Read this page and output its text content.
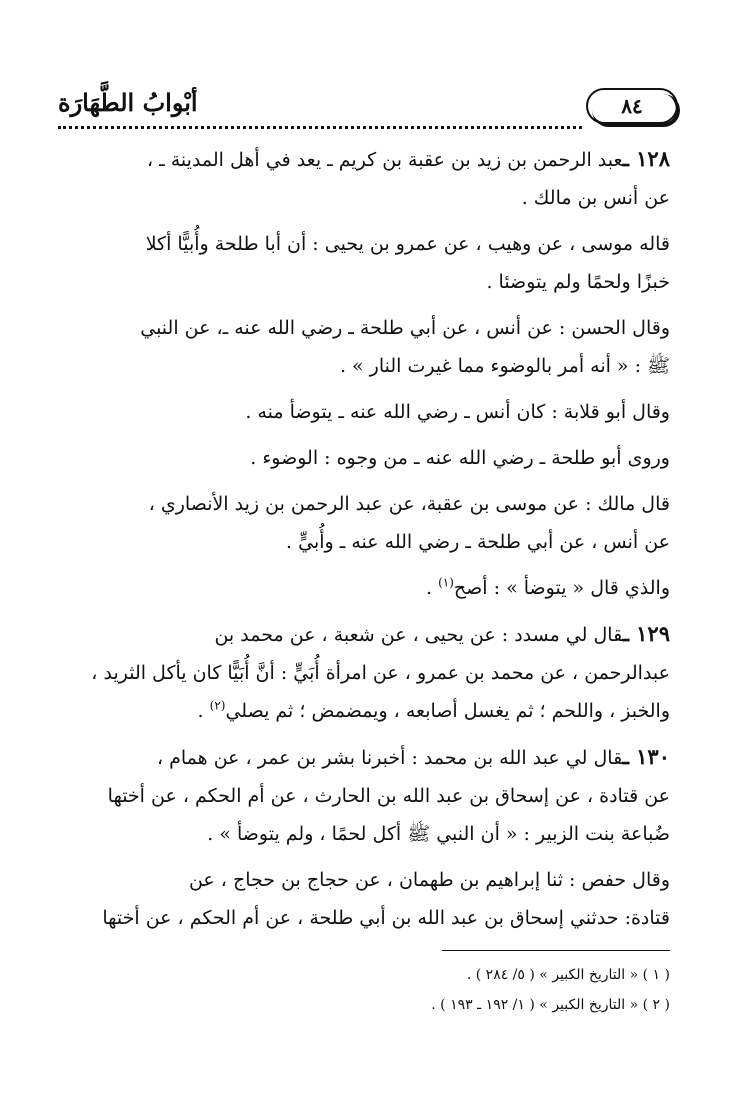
٨٤
أبْوابُ الطَّهَارَة

١٢٨ ـعبد الرحمن بن زيد بن عقبة بن كريم ـ يعد في أهل المدينة ـ ،

عن أنس بن مالك .

قاله موسى ، عن وهيب ، عن عمرو بن يحيى : أن أبا طلحة وأُبيًّا أكلا

خبزًا ولحمًا ولم يتوضئا .

وقال الحسن : عن أنس ، عن أبي طلحة ـ رضي الله عنه ـ، عن النبي

ﷺ : « أنه أمر بالوضوء مما غيرت النار » .

وقال أبو قلابة : كان أنس ـ رضي الله عنه ـ يتوضأ منه .

وروى أبو طلحة ـ رضي الله عنه ـ من وجوه : الوضوء .

قال مالك : عن موسى بن عقبة، عن عبد الرحمن بن زيد الأنصاري ،

عن أنس ، عن أبي طلحة ـ رضي الله عنه ـ وأُبيٍّ .

والذي قال « يتوضأ » : أصح$^{(١)}$ .

١٢٩ ـقال لي مسدد : عن يحيى ، عن شعبة ، عن محمد بن

عبدالرحمن ، عن محمد بن عمرو ، عن امرأة أُبَيٍّ : أنَّ أُبَيًّا كان يأكل الثريد ،

والخبز ، واللحم ؛ ثم يغسل أصابعه ، ويمضمض ؛ ثم يصلي$^{(٢)}$ .

١٣٠ ـقال لي عبد الله بن محمد : أخبرنا بشر بن عمر ، عن همام ،

عن قتادة ، عن إسحاق بن عبد الله بن الحارث ، عن أم الحكم ، عن أختها

ضُباعة بنت الزبير : « أن النبي ﷺ أكل لحمًا ، ولم يتوضأ » .

وقال حفص : ثنا إبراهيم بن طهمان ، عن حجاج بن حجاج ، عن

قتادة: حدثني إسحاق بن عبد الله بن أبي طلحة ، عن أم الحكم ، عن أختها

( ١ ) « التاريخ الكبير » ( ٥/ ٢٨٤ ) .

( ٢ ) « التاريخ الكبير » ( ١/ ١٩٢ ـ ١٩٣ ) .
